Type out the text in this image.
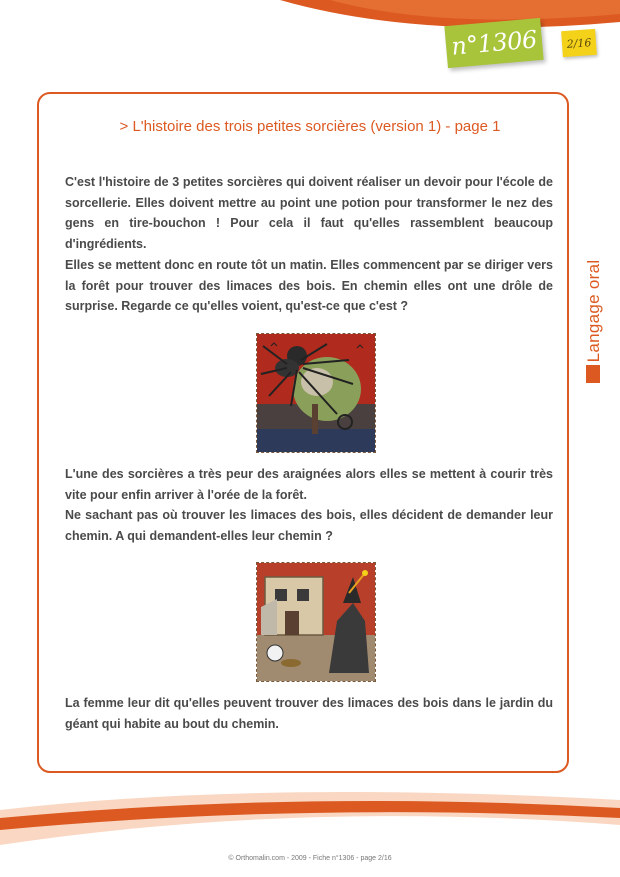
n°1306	2/16
> L'histoire des trois petites sorcières (version 1) - page 1

C'est l'histoire de 3 petites sorcières qui doivent réaliser un devoir pour l'école de sorcellerie. Elles doivent mettre au point une potion pour transformer le nez des gens en tire-bouchon ! Pour cela il faut qu'elles rassemblent beaucoup d'ingrédients.

Elles se mettent donc en route tôt un matin. Elles commencent par se diriger vers la forêt pour trouver des limaces des bois. En chemin elles ont une drôle de surprise. Regarde ce qu'elles voient, qu'est-ce que c'est ?

L'une des sorcières a très peur des araignées alors elles se mettent à courir très vite pour enfin arriver à l'orée de la forêt.

Ne sachant pas où trouver les limaces des bois, elles décident de demander leur chemin. A qui demandent-elles leur chemin ?

La femme leur dit qu'elles peuvent trouver des limaces des bois dans le jardin du géant qui habite au bout du chemin.

Langage oral
© Orthomalin.com - 2009 - Fiche n°1306 - page 2/16
